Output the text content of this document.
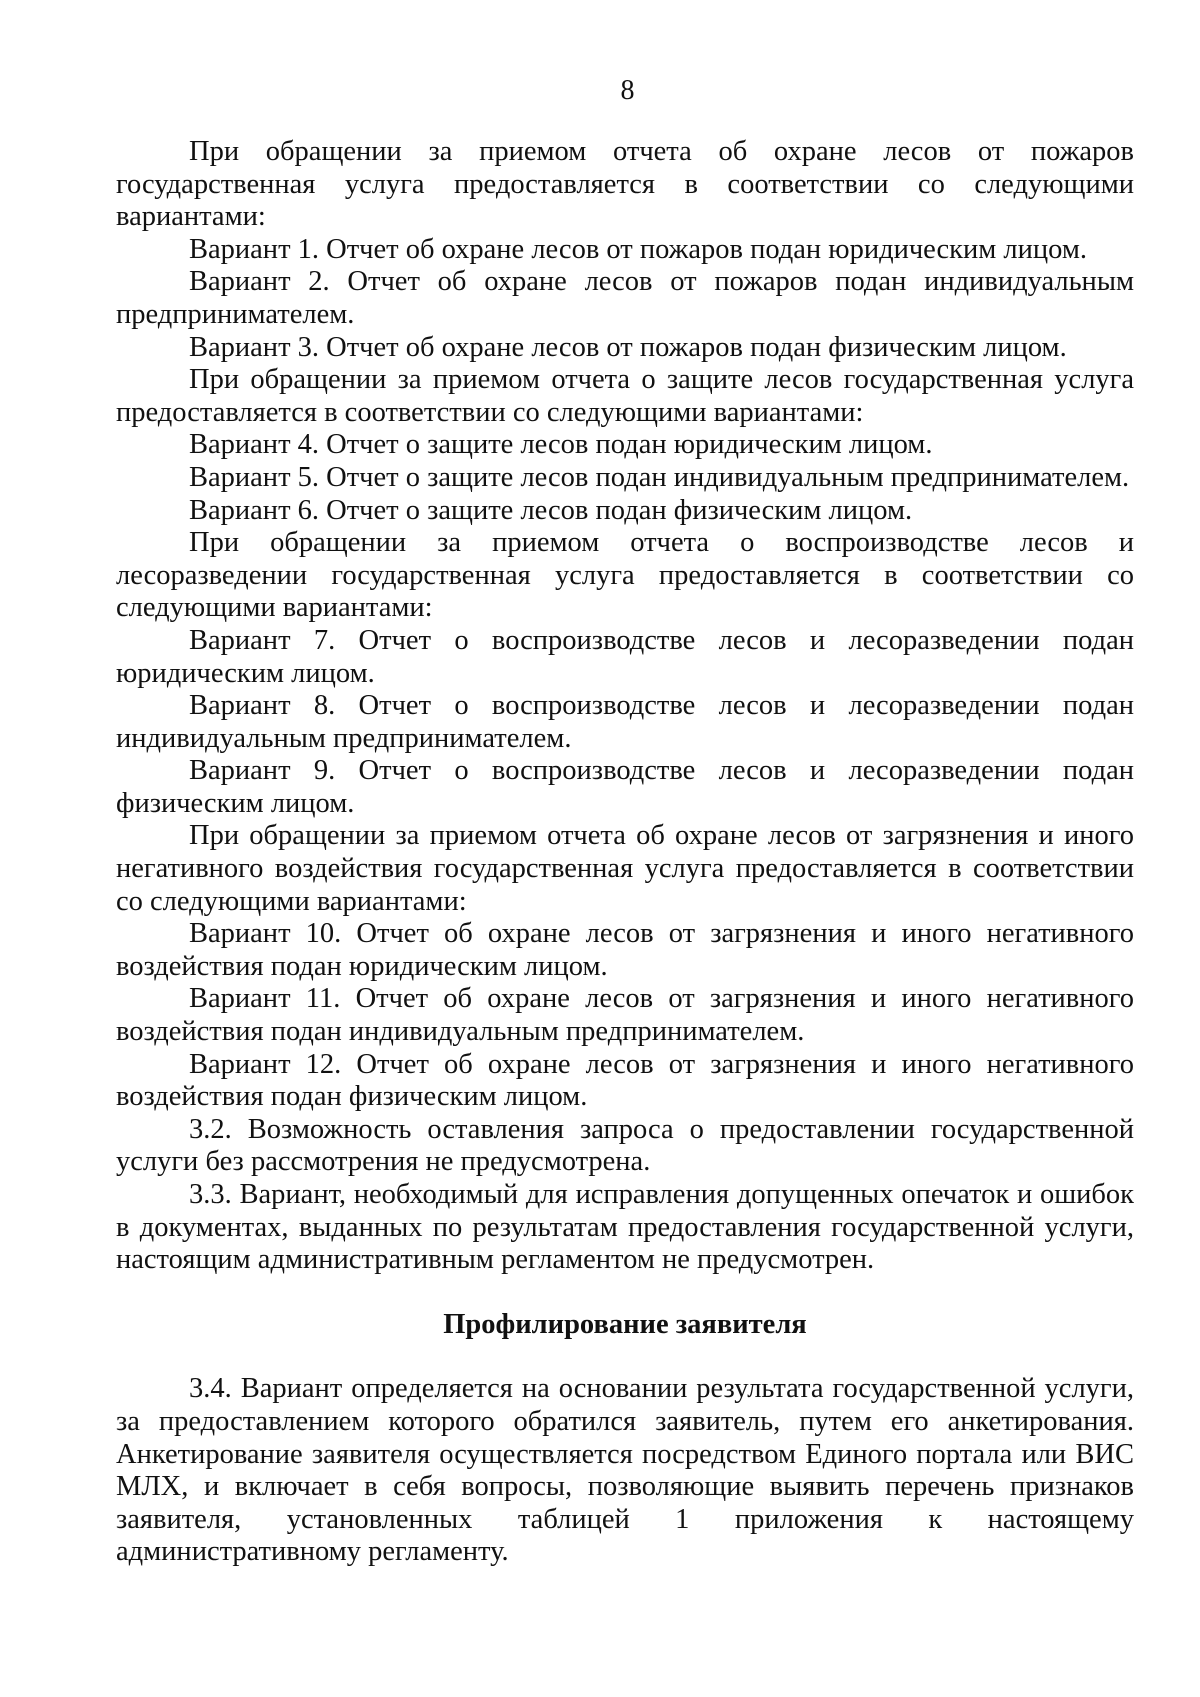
8

При обращении за приемом отчета об охране лесов от пожаров государственная услуга предоставляется в соответствии со следующими вариантами:

Вариант 1. Отчет об охране лесов от пожаров подан юридическим лицом.

Вариант 2. Отчет об охране лесов от пожаров подан индивидуальным предпринимателем.

Вариант 3. Отчет об охране лесов от пожаров подан физическим лицом.

При обращении за приемом отчета о защите лесов государственная услуга предоставляется в соответствии со следующими вариантами:

Вариант 4. Отчет о защите лесов подан юридическим лицом.

Вариант 5. Отчет о защите лесов подан индивидуальным предпринимателем.

Вариант 6. Отчет о защите лесов подан физическим лицом.

При обращении за приемом отчета о воспроизводстве лесов и лесоразведении государственная услуга предоставляется в соответствии со следующими вариантами:

Вариант 7. Отчет о воспроизводстве лесов и лесоразведении подан юридическим лицом.

Вариант 8. Отчет о воспроизводстве лесов и лесоразведении подан индивидуальным предпринимателем.

Вариант 9. Отчет о воспроизводстве лесов и лесоразведении подан физическим лицом.

При обращении за приемом отчета об охране лесов от загрязнения и иного негативного воздействия государственная услуга предоставляется в соответствии со следующими вариантами:

Вариант 10. Отчет об охране лесов от загрязнения и иного негативного воздействия подан юридическим лицом.

Вариант 11. Отчет об охране лесов от загрязнения и иного негативного воздействия подан индивидуальным предпринимателем.

Вариант 12. Отчет об охране лесов от загрязнения и иного негативного воздействия подан физическим лицом.

3.2. Возможность оставления запроса о предоставлении государственной услуги без рассмотрения не предусмотрена.

3.3. Вариант, необходимый для исправления допущенных опечаток и ошибок в документах, выданных по результатам предоставления государственной услуги, настоящим административным регламентом не предусмотрен.

Профилирование заявителя

3.4. Вариант определяется на основании результата государственной услуги, за предоставлением которого обратился заявитель, путем его анкетирования. Анкетирование заявителя осуществляется посредством Единого портала или ВИС МЛХ, и включает в себя вопросы, позволяющие выявить перечень признаков заявителя, установленных таблицей 1 приложения к настоящему административному регламенту.
